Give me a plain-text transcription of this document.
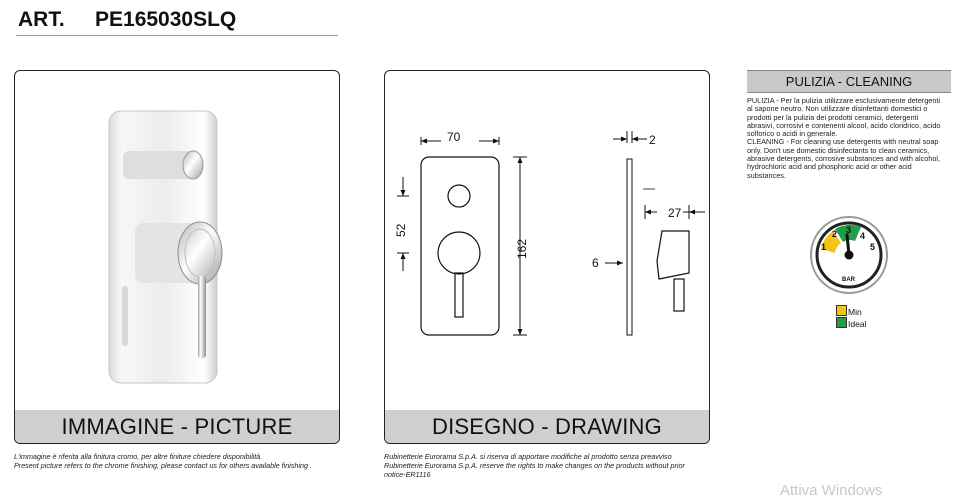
ART. PE165030SLQ
IMMAGINE - PICTURE
L'immagine è riferita alla finitura cromo, per altre finiture chiedere disponibilità.
Present picture refers to the chrome finishing, please contact us for others available finishing .
70
162
52
2
27
6
DISEGNO - DRAWING
Rubinetterie Eurorama S.p.A. si riserva di apportare modifiche al prodotto senza preavviso
Rubinetterie Eurorama S.p.A. reserve the rights to make changes on the products without prior
notice-ER1116
PULIZIA - CLEANING
PULIZIA - Per la pulizia utilizzare esclusivamente detergenti
al sapone neutro. Non utilizzare disinfettanti domestici o
prodotti per la pulizia dei prodotti ceramici, detergenti
abrasivi, corrosivi e contenenti alcool, acido cloridrico, acido
solforico o acidi in generale.
CLEANING - For cleaning use detergents with neutral soap
only. Don't use domestic disinfectants to clean ceramics,
abrasive detergents, corrosive substances and with alcohol,
hydrochloric acid and phosphoric acid or other acid
substances.
1
2 3
4
5
BAR
Min
Ideal
Attiva Windows
